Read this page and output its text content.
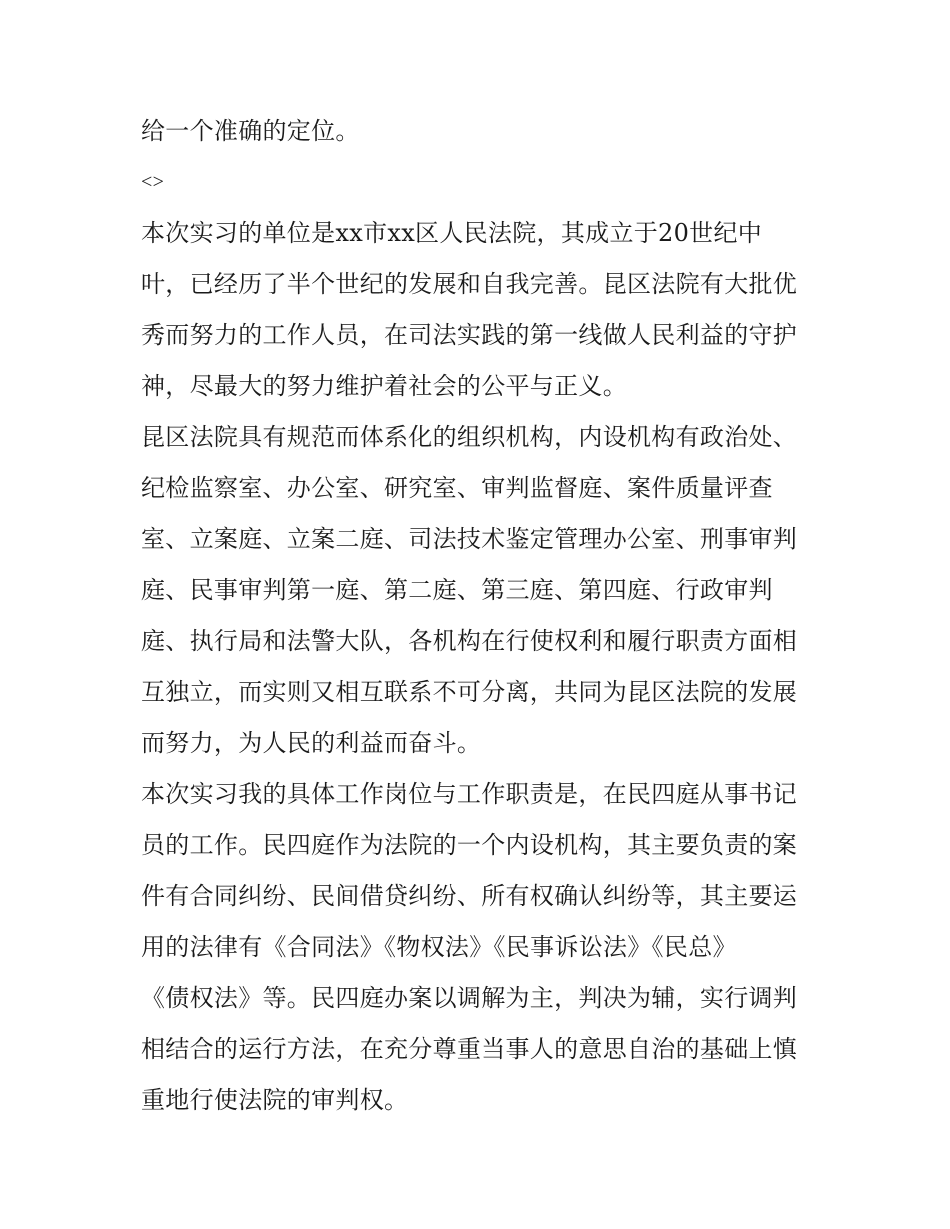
给一个准确的定位。
<>
本次实习的单位是xx市xx区人民法院，其成立于20世纪中
叶，已经历了半个世纪的发展和自我完善。昆区法院有大批优
秀而努力的工作人员，在司法实践的第一线做人民利益的守护
神，尽最大的努力维护着社会的公平与正义。
昆区法院具有规范而体系化的组织机构，内设机构有政治处、
纪检监察室、办公室、研究室、审判监督庭、案件质量评查
室、立案庭、立案二庭、司法技术鉴定管理办公室、刑事审判
庭、民事审判第一庭、第二庭、第三庭、第四庭、行政审判
庭、执行局和法警大队，各机构在行使权利和履行职责方面相
互独立，而实则又相互联系不可分离，共同为昆区法院的发展
而努力，为人民的利益而奋斗。
本次实习我的具体工作岗位与工作职责是，在民四庭从事书记
员的工作。民四庭作为法院的一个内设机构，其主要负责的案
件有合同纠纷、民间借贷纠纷、所有权确认纠纷等，其主要运
用的法律有《合同法》《物权法》《民事诉讼法》《民总》
《债权法》等。民四庭办案以调解为主，判决为辅，实行调判
相结合的运行方法，在充分尊重当事人的意思自治的基础上慎
重地行使法院的审判权。
